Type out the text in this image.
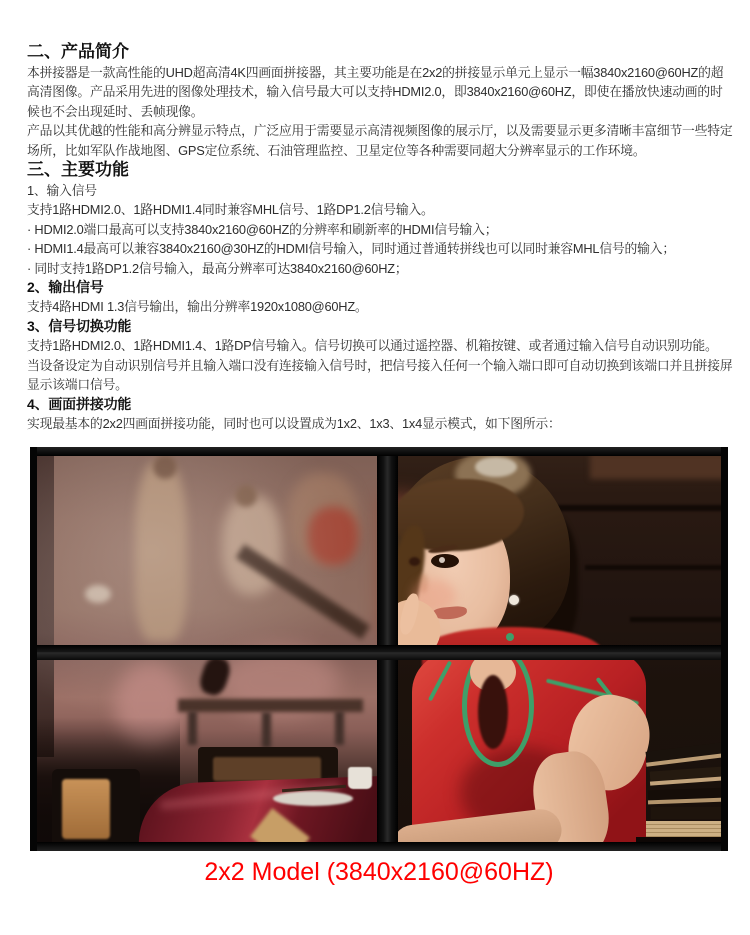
二、产品简介

本拼接器是一款高性能的UHD超高清4K四画面拼接器，其主要功能是在2x2的拼接显示单元上显示一幅3840x2160@60HZ的超高清图像。产品采用先进的图像处理技术，输入信号最大可以支持HDMI2.0，即3840x2160@60HZ，即使在播放快速动画的时候也不会出现延时、丢帧现像。

产品以其优越的性能和高分辨显示特点，广泛应用于需要显示高清视频图像的展示厅，以及需要显示更多清晰丰富细节一些特定场所，比如军队作战地图、GPS定位系统、石油管理监控、卫星定位等各种需要同超大分辨率显示的工作环境。

三、主要功能

1、输入信号

支持1路HDMI2.0、1路HDMI1.4同时兼容MHL信号、1路DP1.2信号输入。

· HDMI2.0端口最高可以支持3840x2160@60HZ的分辨率和刷新率的HDMI信号输入；

· HDMI1.4最高可以兼容3840x2160@30HZ的HDMI信号输入，同时通过普通转拼线也可以同时兼容MHL信号的输入；

· 同时支持1路DP1.2信号输入，最高分辨率可达3840x2160@60HZ；

2、输出信号

支持4路HDMI 1.3信号输出，输出分辨率1920x1080@60HZ。

3、信号切换功能

支持1路HDMI2.0、1路HDMI1.4、1路DP信号输入。信号切换可以通过遥控器、机箱按键、或者通过输入信号自动识别功能。

当设备设定为自动识别信号并且输入端口没有连接输入信号时，把信号接入任何一个输入端口即可自动切换到该端口并且拼接屏显示该端口信号。

4、画面拼接功能

实现最基本的2x2四画面拼接功能，同时也可以设置成为1x2、1x3、1x4显示模式，如下图所示：

2x2 Model (3840x2160@60HZ)
